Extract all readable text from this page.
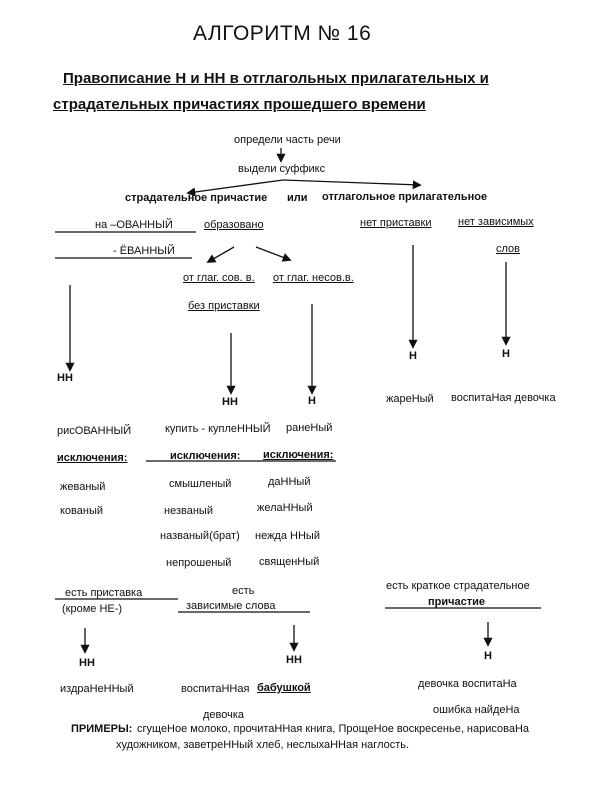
АЛГОРИТМ № 16
Правописание Н и НН в отглагольных прилагательных и
страдательных причастиях прошедшего времени
определи часть речи
выдели суффикс
страдательное причастие или отглагольное прилагательное
на –ОВАННЫЙ	образовано
- ЁВАННЫЙ
нет приставки нет зависимых
слов
от глаг. сов. в. от глаг. несов.в.
без приставки
НН
НН	Н
Н	Н
жареНый воспитаНая девочка
рисОВАННЫЙ	купить - куплеННЫЙ ранеНый
исключения:	исключения: исключения:
жеваный
кованый
смышленый
незваный
названый(брат)
непрошеный
даННый
желаННый
нежда ННый
священНый
есть приставка
(кроме НЕ-)
есть
зависимые слова
есть краткое страдательное
причастие
НН	НН	Н
издраНеННый	воспитаННая бабушкой
девочка
девочка воспитаНа
ошибка найдеНа
ПРИМЕРЫ: сгущеНое молоко, прочитаННая книга, ПрощеНое воскресенье, нарисоваНа
художником, заветреННый хлеб, неслыхаННая наглость.
